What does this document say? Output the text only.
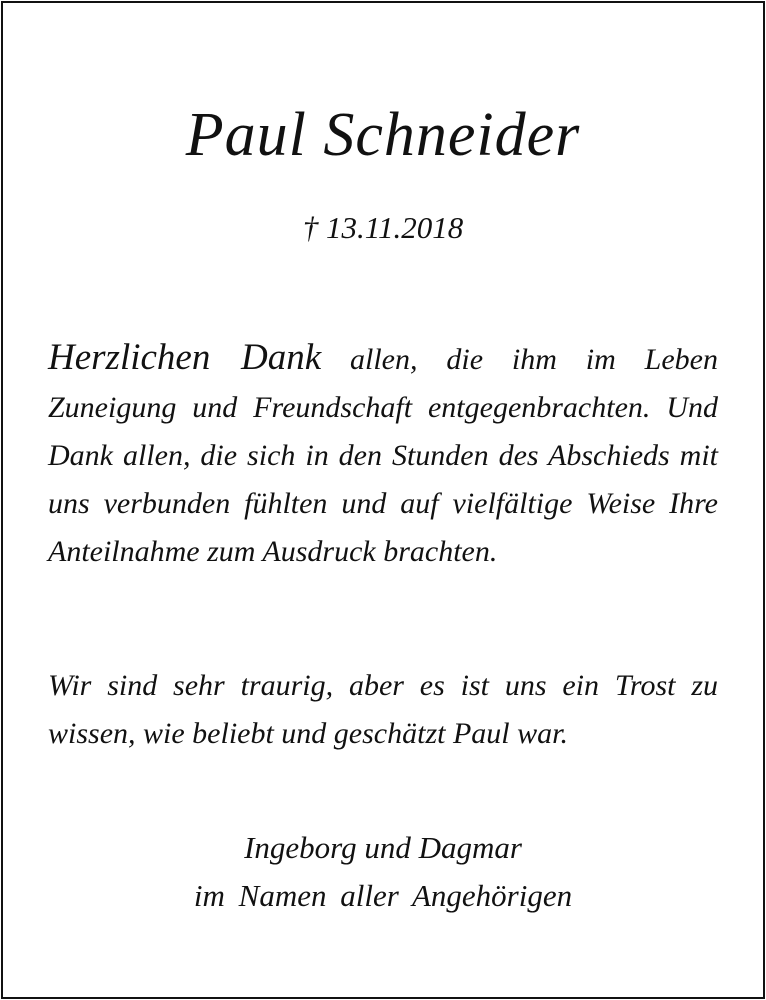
Paul Schneider
† 13.11.2018
Herzlichen Dank allen, die ihm im Leben Zuneigung und Freundschaft entgegenbrachten. Und Dank allen, die sich in den Stunden des Abschieds mit uns verbunden fühlten und auf vielfältige Weise Ihre Anteilnahme zum Ausdruck brachten.
Wir sind sehr traurig, aber es ist uns ein Trost zu wissen, wie beliebt und geschätzt Paul war.
Ingeborg und Dagmar
im Namen aller Angehörigen
